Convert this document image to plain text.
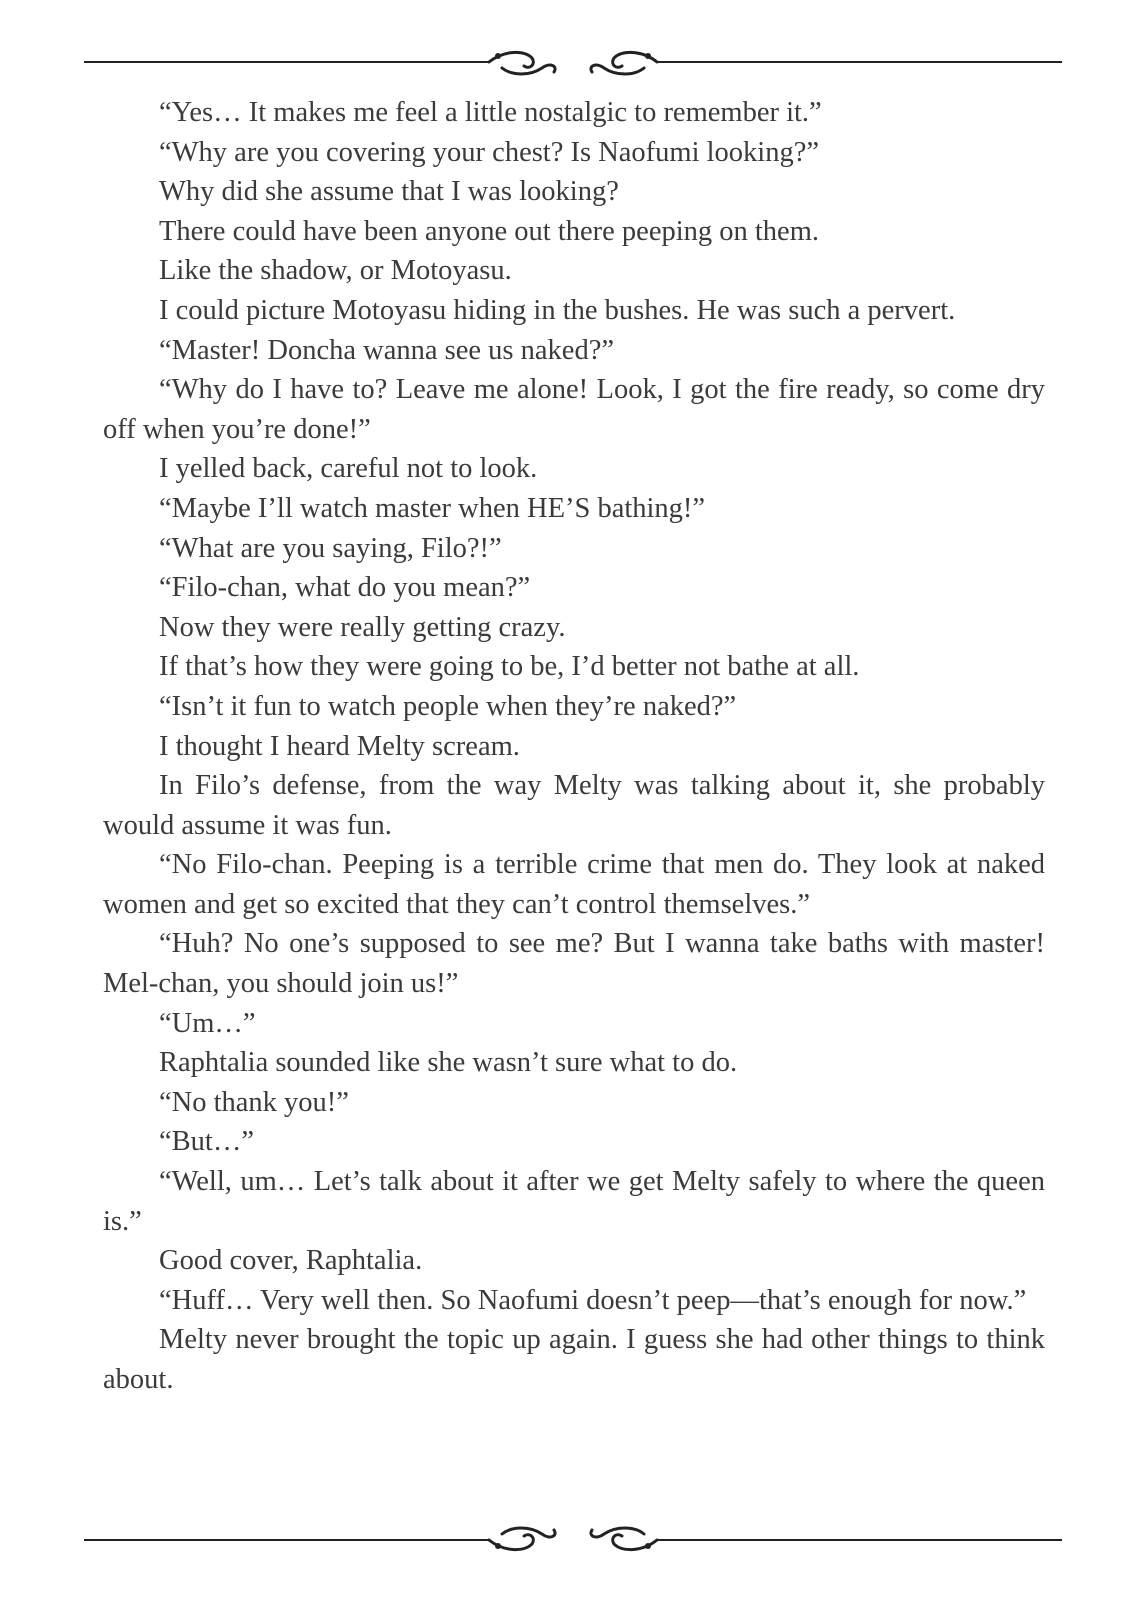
“Yes… It makes me feel a little nostalgic to remember it.”

“Why are you covering your chest? Is Naofumi looking?”

Why did she assume that I was looking?

There could have been anyone out there peeping on them.

Like the shadow, or Motoyasu.

I could picture Motoyasu hiding in the bushes. He was such a pervert.

“Master! Doncha wanna see us naked?”

“Why do I have to? Leave me alone! Look, I got the fire ready, so come dry off when you’re done!”

I yelled back, careful not to look.

“Maybe I’ll watch master when HE’S bathing!”

“What are you saying, Filo?!”

“Filo-chan, what do you mean?”

Now they were really getting crazy.

If that’s how they were going to be, I’d better not bathe at all.

“Isn’t it fun to watch people when they’re naked?”

I thought I heard Melty scream.

In Filo’s defense, from the way Melty was talking about it, she probably would assume it was fun.

“No Filo-chan. Peeping is a terrible crime that men do. They look at naked women and get so excited that they can’t control themselves.”

“Huh? No one’s supposed to see me? But I wanna take baths with master! Mel-chan, you should join us!”

“Um…”

Raphtalia sounded like she wasn’t sure what to do.

“No thank you!”

“But…”

“Well, um… Let’s talk about it after we get Melty safely to where the queen is.”

Good cover, Raphtalia.

“Huff… Very well then. So Naofumi doesn’t peep—that’s enough for now.”

Melty never brought the topic up again. I guess she had other things to think about.
